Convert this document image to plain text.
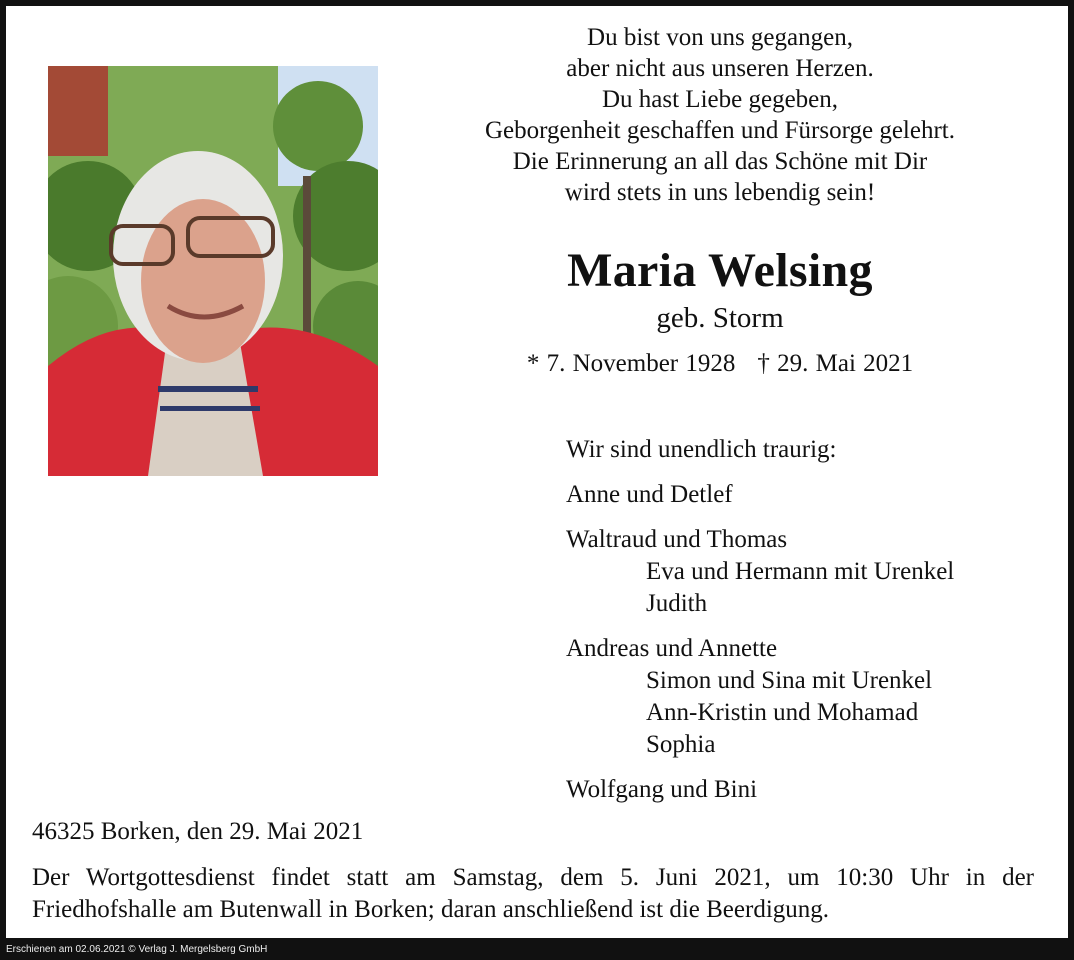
Du bist von uns gegangen,
aber nicht aus unseren Herzen.
Du hast Liebe gegeben,
Geborgenheit geschaffen und Fürsorge gelehrt.
Die Erinnerung an all das Schöne mit Dir
wird stets in uns lebendig sein!
Maria Welsing
geb. Storm
* 7. November 1928 † 29. Mai 2021
Wir sind unendlich traurig:
Anne und Detlef
Waltraud und Thomas
Eva und Hermann mit Urenkel
Judith
Andreas und Annette
Simon und Sina mit Urenkel
Ann-Kristin und Mohamad
Sophia
Wolfgang und Bini
46325 Borken, den 29. Mai 2021
Der Wortgottesdienst findet statt am Samstag, dem 5. Juni 2021, um 10:30 Uhr in der Friedhofshalle am Butenwall in Borken; daran anschließend ist die Beerdigung.
Erschienen am 02.06.2021 © Verlag J. Mergelsberg GmbH
